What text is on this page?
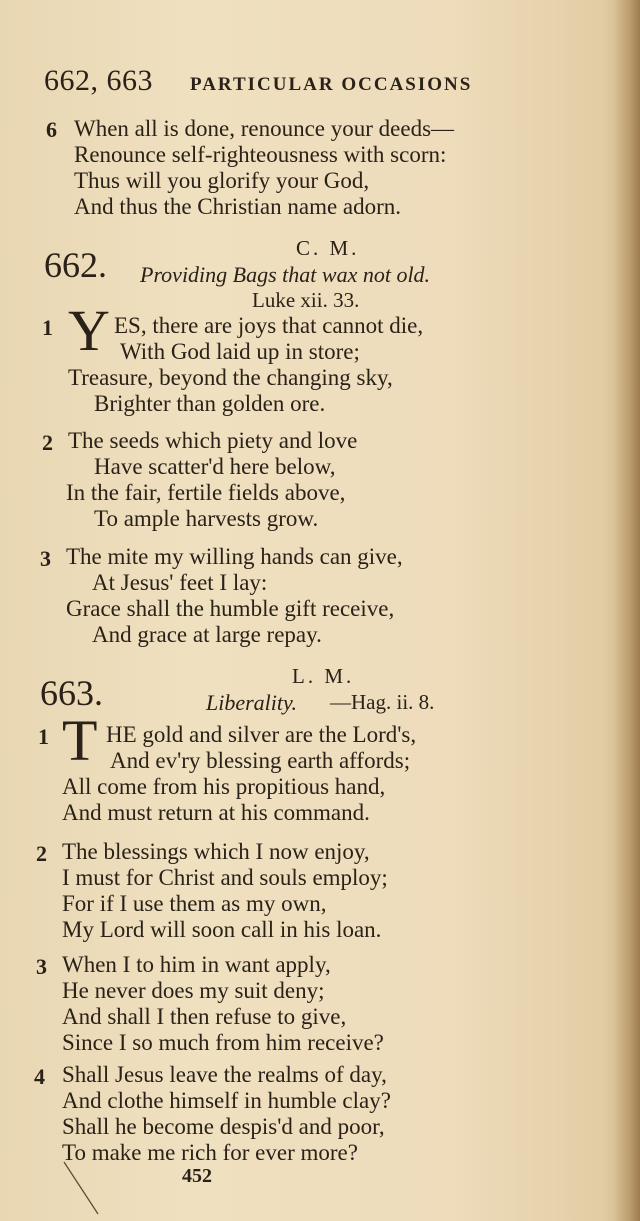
662, 663 PARTICULAR OCCASIONS
6 When all is done, renounce your deeds—
Renounce self-righteousness with scorn:
Thus will you glorify your God,
And thus the Christian name adorn.
662.	C. M.
Providing Bags that wax not old.
Luke xii. 33.
1 Y ES, there are joys that cannot die,
With God laid up in store;
Treasure, beyond the changing sky,
Brighter than golden ore.
2 The seeds which piety and love
Have scatter'd here below,
In the fair, fertile fields above,
To ample harvests grow.
3 The mite my willing hands can give,
At Jesus' feet I lay:
Grace shall the humble gift receive,
And grace at large repay.
663.	L. M.
Liberality. —Hag. ii. 8.
1 T HE gold and silver are the Lord's,
And ev'ry blessing earth affords;
All come from his propitious hand,
And must return at his command.
2 The blessings which I now enjoy,
I must for Christ and souls employ;
For if I use them as my own,
My Lord will soon call in his loan.
3 When I to him in want apply,
He never does my suit deny;
And shall I then refuse to give,
Since I so much from him receive?
4 Shall Jesus leave the realms of day,
And clothe himself in humble clay?
Shall he become despis'd and poor,
To make me rich for ever more?
452
